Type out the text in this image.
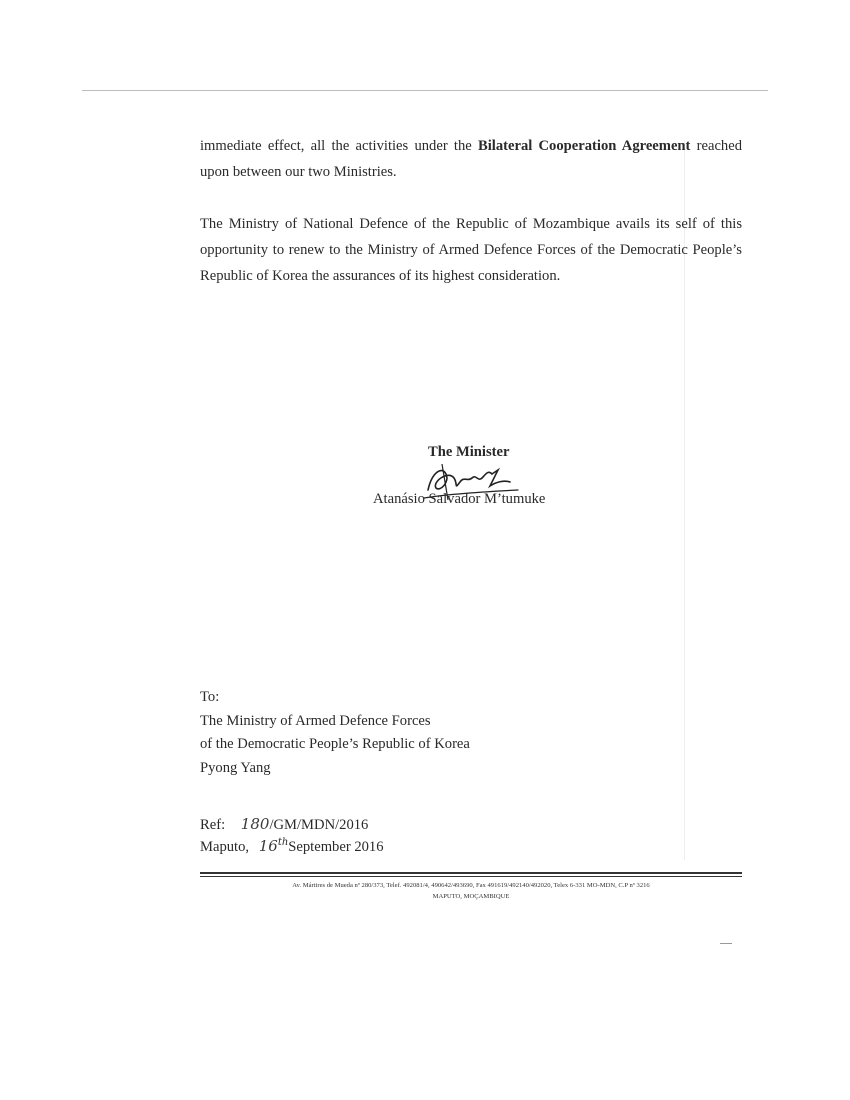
immediate effect, all the activities under the Bilateral Cooperation Agreement reached upon between our two Ministries.

The Ministry of National Defence of the Republic of Mozambique avails its self of this opportunity to renew to the Ministry of Armed Defence Forces of the Democratic People’s Republic of Korea the assurances of its highest consideration.

The Minister
Atanásio Salvador M’tumuke
To:
The Ministry of Armed Defence Forces
of the Democratic People’s Republic of Korea
Pyong Yang
Ref: 180/GM/MDN/2016
Maputo, 16thSeptember 2016
Av. Mártires de Mueda nº 280/373, Telef. 492081/4, 490642/493690, Fax 491619/492140/492020, Telex 6-331 MO-MDN, C.P nº 3216
MAPUTO, MOÇAMBIQUE
